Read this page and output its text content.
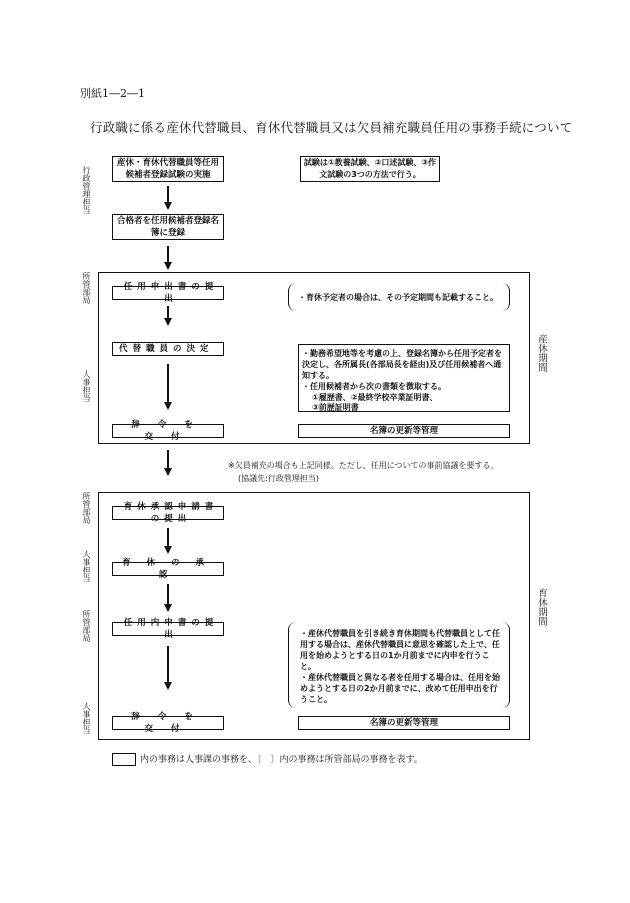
別紙1―2―1
行政職に係る産休代替職員、育休代替職員又は欠員補充職員任用の事務手続について
行政管理担当
所管部局
人事担当
所管部局
人事担当
所管部局
人事担当
産休・育休代替職員等任用候補者登録試験の実施
試験は①教養試験、②口述試験、③作文試験の3つの方法で行う。
合格者を任用候補者登録名簿に登録
産休期間
任用申出書の提出	・育休予定者の場合は、その予定期間も記載すること。
代替職員の決定	・勤務希望地等を考慮の上、登録名簿から任用予定者を決定し、各所属長(各部局長を経由)及び任用候補者へ通知する。
・任用候補者から次の書類を徴取する。
①履歴書、②最終学校卒業証明書、
③前歴証明書
辞令を交付
名簿の更新等管理
※欠員補充の場合も上記同様。ただし、任用についての事前協議を要する。
(協議先:行政管理担当)
育休期間
育休承認申請書の提出
育休の承認
任用内申書の提出	・産休代替職員を引き続き育休期間も代替職員として任用する場合は、産休代替職員に意思を確認した上で、任用を始めようとする日の1か月前までに内申を行うこと。
・産休代替職員と異なる者を任用する場合は、任用を始めようとする日の2か月前までに、改めて任用申出を行うこと。
辞令を交付
名簿の更新等管理
内の事務は人事課の事務を、〔　〕内の事務は所管部局の事務を表す。
